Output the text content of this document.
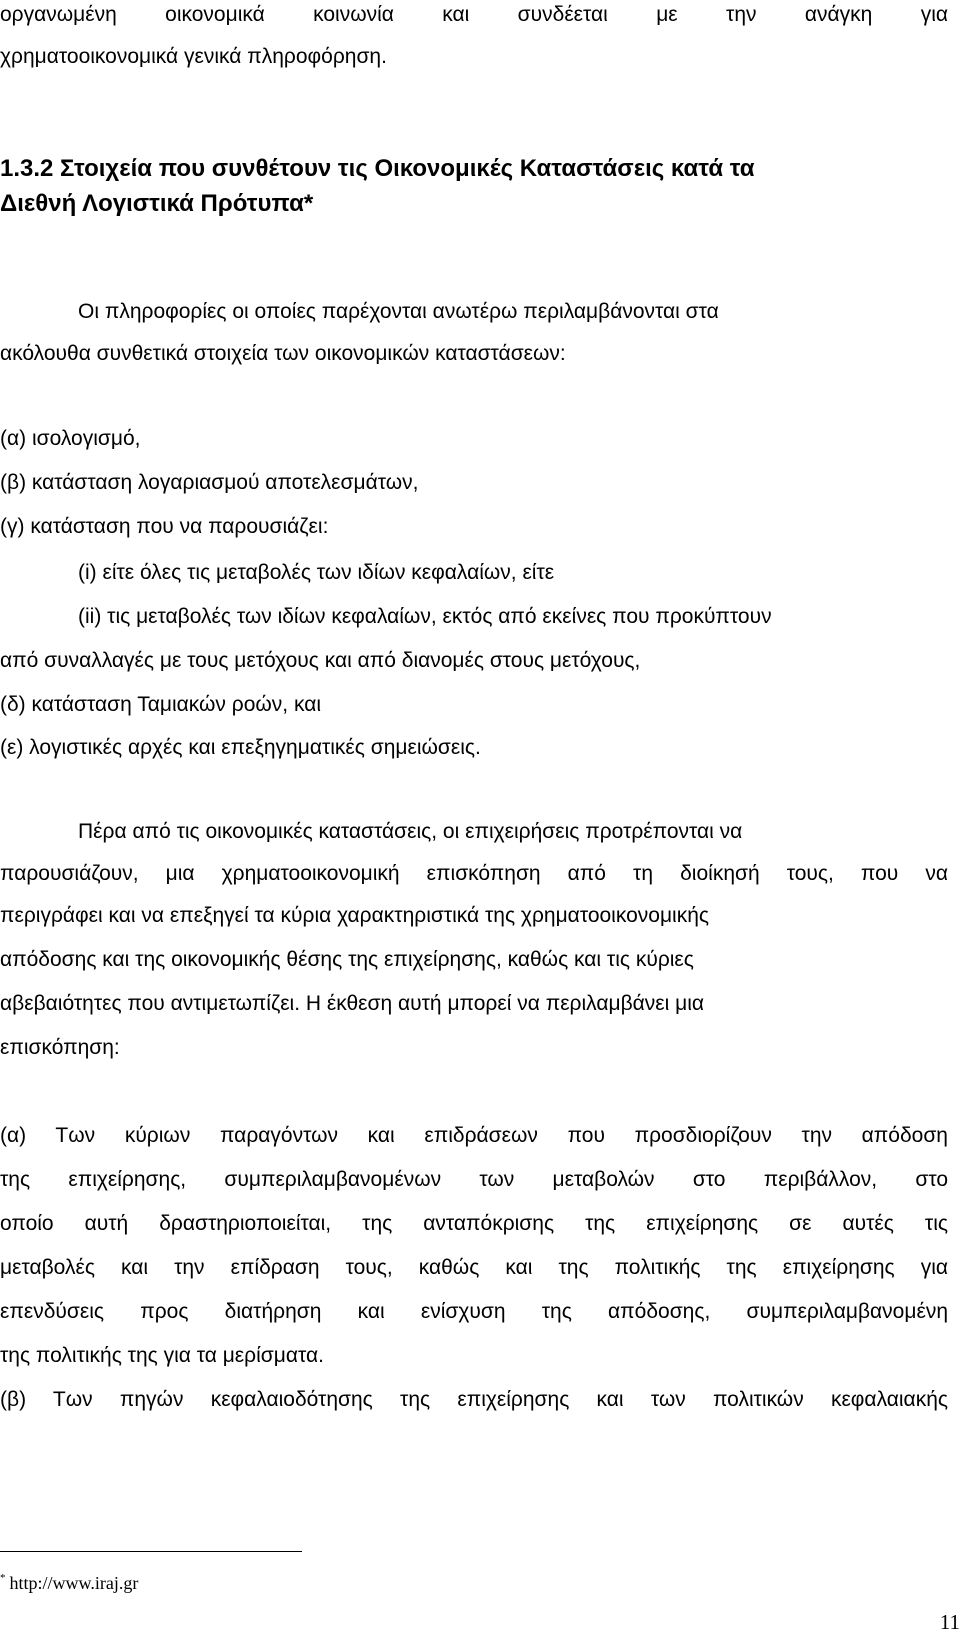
οργανωμένη οικονομικά κοινωνία και συνδέεται με την ανάγκη για

χρηματοοικονομικά γενικά πληροφόρηση.

1.3.2 Στοιχεία που συνθέτουν τις Οικονομικές Καταστάσεις κατά τα
Διεθνή Λογιστικά Πρότυπα*

Οι πληροφορίες οι οποίες παρέχονται ανωτέρω περιλαμβάνονται στα

ακόλουθα συνθετικά στοιχεία των οικονομικών καταστάσεων:

(α) ισολογισμό,

(β) κατάσταση λογαριασμού αποτελεσμάτων,

(γ) κατάσταση που να παρουσιάζει:

(i) είτε όλες τις μεταβολές των ιδίων κεφαλαίων, είτε

(ii) τις μεταβολές των ιδίων κεφαλαίων, εκτός από εκείνες που προκύπτουν

από συναλλαγές με τους μετόχους και από διανομές στους μετόχους,

(δ) κατάσταση Ταμιακών ροών, και

(ε) λογιστικές αρχές και επεξηγηματικές σημειώσεις.

Πέρα από τις οικονομικές καταστάσεις, οι επιχειρήσεις προτρέπονται να

παρουσιάζουν, μια χρηματοοικονομική επισκόπηση από τη διοίκησή τους, που να

περιγράφει και να επεξηγεί τα κύρια χαρακτηριστικά της χρηματοοικονομικής

απόδοσης και της οικονομικής θέσης της επιχείρησης, καθώς και τις κύριες

αβεβαιότητες που αντιμετωπίζει. Η έκθεση αυτή μπορεί να περιλαμβάνει μια

επισκόπηση:

(α) Των κύριων παραγόντων και επιδράσεων που προσδιορίζουν την απόδοση

της επιχείρησης, συμπεριλαμβανομένων των μεταβολών στο περιβάλλον, στο

οποίο αυτή δραστηριοποιείται, της ανταπόκρισης της επιχείρησης σε αυτές τις

μεταβολές και την επίδραση τους, καθώς και της πολιτικής της επιχείρησης για

επενδύσεις προς διατήρηση και ενίσχυση της απόδοσης, συμπεριλαμβανομένη

της πολιτικής της για τα μερίσματα.

(β) Των πηγών κεφαλαιοδότησης της επιχείρησης και των πολιτικών κεφαλαιακής

* http://www.iraj.gr
11
